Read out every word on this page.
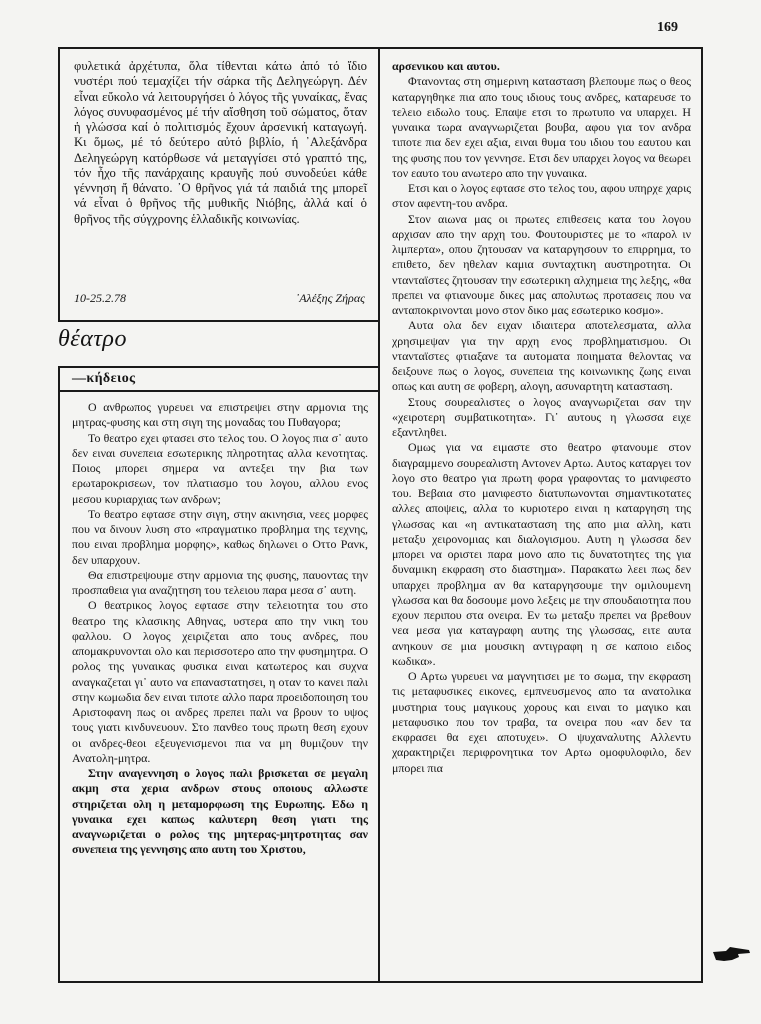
169

φυλετικά ἀρχέτυπα, ὅλα τίθενται κάτω ἀπό τό ἴδιο νυστέρι πού τεμαχίζει τήν σάρκα τῆς Δεληγεώργη. Δέν εἶναι εὔκολο νά λειτουργήσει ὁ λόγος τῆς γυναίκας, ἕνας λόγος συνυφασμένος μέ τήν αἴσθηση τοῦ σώματος, ὅταν ἡ γλώσσα καί ὁ πολιτισμός ἔχουν ἀρσενική καταγωγή. Κι ὅμως, μέ τό δεύτερο αὐτό βιβλίο, ἡ ᾽Αλεξάνδρα Δεληγεώργη κατόρθωσε νά μεταγγίσει στό γραπτό της, τόν ἦχο τῆς πανάρχαιης κραυγῆς πού συνοδεύει κάθε γέννηση ἤ θάνατο. ᾽Ο θρῆνος γιά τά παιδιά της μπορεῖ νά εἶναι ὁ θρῆνος τῆς μυθικῆς Νιόβης, ἀλλά καί ὁ θρῆνος τῆς σύγχρονης ἑλλαδικῆς κοινωνίας.

10-25.2.78	᾽Αλέξης Ζήρας
θέατρο
—κήδειος

Ο ανθρωπος γυρευει να επιστρεψει στην αρμονια της μητρας-φυσης και στη σιγη της μοναδας του Πυθαγορα;

Το θεατρο εχει φτασει στο τελος του. Ο λογος πια σ᾽ αυτο δεν ειναι συνεπεια εσωτερικης πληροτητας αλλα κενοτητας. Ποιος μπορει σημερα να αντεξει την βια των ερωτapοκρισεων, τον πλατιασμο του λογου, αλλου ενος μεσου κυριαρχιας των ανδρων;

Το θεατρο εφτασε στην σιγη, στην ακινησια, νεες μορφες που να δινουν λυση στο «πραγματικο προβλημα της τεχνης, που ειναι προβλημα μορφης», καθως δηλωνει ο Οττο Ρανκ, δεν υπαρχουν.

Θα επιστρεψουμε στην αρμονια της φυσης, παυοντας την προσπαθεια για αναζητηση του τελειου παρα μεσα σ᾽ αυτη.

Ο θεατρικος λογος εφτασε στην τελειοτητα του στο θεατρο της κλασικης Αθηνας, υστερα απο την νικη του φαλλου. Ο λογος χειριζεται απο τους ανδρες, που απομακρυνονται ολο και περισσοτερο απο την φυσημητρα. Ο ρολος της γυναικας φυσικα ειναι κατωτερος και συχνα αναγκαζεται γι᾽ αυτο να επαναστατησει, η οταν το κανει παλι στην κωμωδια δεν ειναι τιποτε αλλο παρα προειδοποιηση του Αριστοφανη πως οι ανδρες πρεπει παλι να βρουν το υψος τους γιατι κινδυνευουν. Στο πανθεο τους πρωτη θεση εχουν οι ανδρες-θεοι εξευγενισμενοι πια να μη θυμιζουν την Ανατολη-μητρα.

Στην αναγεννηση ο λογος παλι βρισκεται σε μεγαλη ακμη στα χερια ανδρων στους οποιους αλλωστε στηριζεται ολη η μεταμορφωση της Ευρωπης. Εδω η γυναικα εχει καπως καλυτερη θεση γιατι της αναγνωριζεται ο ρολος της μητερας-μητροτητας σαν συνεπεια της γεννησης απο αυτη του Χριστου,

αρσενικου και αυτου.

Φτανοντας στη σημερινη κατασταση βλεπουμε πως ο θεος καταργηθηκε πια απο τους ιδιους τους ανδρες, καταρευσε το τελειο ειδωλο τους. Επαψε ετσι το πρωτυπο να υπαρχει. Η γυναικα τωρα αναγνωριζεται βουβα, αφου για τον ανδρα τιποτε πια δεν εχει αξια, ειναι θυμα του ιδιου του εαυτου και της φυσης που τον γεννησε. Ετσι δεν υπαρχει λογος να θεωρει τον εαυτο του ανωτερο απο την γυναικα.

Ετσι και ο λογος εφτασε στο τελος του, αφου υπηρχε χαρις στον αφεντη-του ανδρα.

Στον αιωνα μας οι πρωτες επιθεσεις κατα του λογου αρχισαν απο την αρχη του. Φουτουριστες με το «παρολ ιν λιμπερτα», οπου ζητουσαν να καταργησουν το επιρρημα, το επιθετο, δεν ηθελαν καμια συνταχτικη αυστηροτητα. Οι ντανταϊστες ζητουσαν την εσωτερικη αλχημεια της λεξης, «θα πρεπει να φτιανουμε δικες μας απολυτως προτασεις που να ανταποκρινονται μονο στον δικο μας εσωτερικο κοσμο».

Αυτα ολα δεν ειχαν ιδιαιτερα αποτελεσματα, αλλα χρησιμεψαν για την αρχη ενος προβληματισμου. Οι ντανταϊστες φτιαξανε τα αυτοματα ποιηματα θελοντας να δειξουνε πως ο λογος, συνεπεια της κοινωνικης ζωης ειναι οπως και αυτη σε φοβερη, αλογη, ασυναρτητη κατασταση.

Στους σουρεαλιστες ο λογος αναγνωριζεται σαν την «χειροτερη συμβατικοτητα». Γι᾽ αυτους η γλωσσα ειχε εξαντληθει.

Ομως για να ειμαστε στο θεατρο φτανουμε στον διαγραμμενο σουρεαλιστη Αντονεν Αρτω. Αυτος καταργει τον λογο στο θεατρο για πρωτη φορα γραφοντας το μανιφεστο του. Βεβαια στο μανιφεστο διατυπωνονται σημαντικοτατες αλλες αποψεις, αλλα το κυριοτερο ειναι η καταργηση της γλωσσας και «η αντικατασταση της απο μια αλλη, κατι μεταξυ χειρονομιας και διαλογισμου. Αυτη η γλωσσα δεν μπορει να οριστει παρα μονο απο τις δυνατοτητες της για δυναμικη εκφραση στο διαστημα». Παρακατω λεει πως δεν υπαρχει προβλημα αν θα καταργησουμε την ομιλουμενη γλωσσα και θα δοσουμε μονο λεξεις με την σπουδαιοτητα που εχουν περιπου στα ονειρα. Εν τω μεταξυ πρεπει να βρεθουν νεα μεσα για καταγραφη αυτης της γλωσσας, ειτε αυτα ανηκουν σε μια μουσικη αντιγραφη η σε καποιο ειδος κωδικα».

Ο Αρτω γυρευει να μαγνητισει με το σωμα, την εκφραση τις μεταφυσικες εικονες, εμπνευσμενος απο τα ανατολικα μυστηρια τους μαγικους χορους και ειναι το μαγικο και μεταφυσικο που τον τραβα, τα ονειρα που «αν δεν τα εκφρασει θα εχει αποτυχει». Ο ψυχαναλυτης Αλλεντυ χαρακτηριζει περιφρονητικα τον Αρτω ομοφυλοφιλο, δεν μπορει πια
